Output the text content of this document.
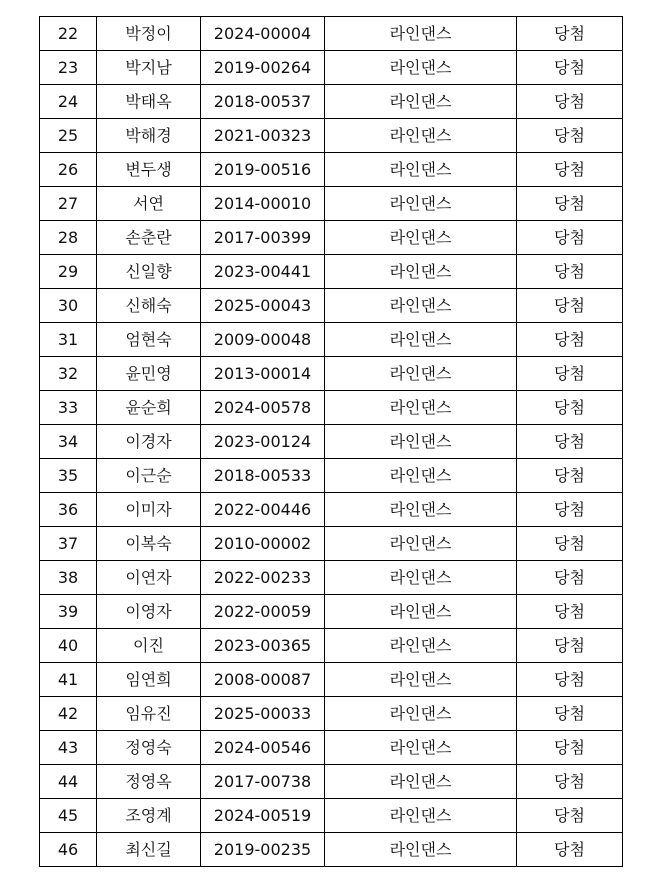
22	박정이	2024-00004	라인댄스	당첨
23	박지남	2019-00264	라인댄스	당첨
24	박태옥	2018-00537	라인댄스	당첨
25	박해경	2021-00323	라인댄스	당첨
26	변두생	2019-00516	라인댄스	당첨
27	서연	2014-00010	라인댄스	당첨
28	손춘란	2017-00399	라인댄스	당첨
29	신일향	2023-00441	라인댄스	당첨
30	신해숙	2025-00043	라인댄스	당첨
31	엄현숙	2009-00048	라인댄스	당첨
32	윤민영	2013-00014	라인댄스	당첨
33	윤순희	2024-00578	라인댄스	당첨
34	이경자	2023-00124	라인댄스	당첨
35	이근순	2018-00533	라인댄스	당첨
36	이미자	2022-00446	라인댄스	당첨
37	이복숙	2010-00002	라인댄스	당첨
38	이연자	2022-00233	라인댄스	당첨
39	이영자	2022-00059	라인댄스	당첨
40	이진	2023-00365	라인댄스	당첨
41	임연희	2008-00087	라인댄스	당첨
42	임유진	2025-00033	라인댄스	당첨
43	정영숙	2024-00546	라인댄스	당첨
44	정영옥	2017-00738	라인댄스	당첨
45	조영계	2024-00519	라인댄스	당첨
46	최신길	2019-00235	라인댄스	당첨
